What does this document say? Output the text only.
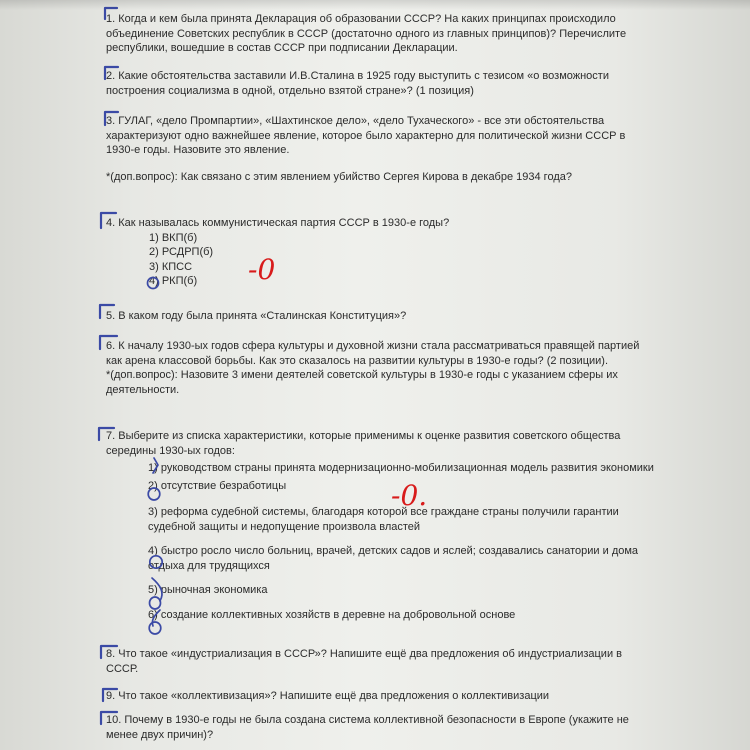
1. Когда и кем была принята Декларация об образовании СССР? На каких принципах происходило объединение Советских республик в СССР (достаточно одного из главных принципов)? Перечислите республики, вошедшие в состав СССР при подписании Декларации.

2. Какие обстоятельства заставили И.В.Сталина в 1925 году выступить с тезисом «о возможности построения социализма в одной, отдельно взятой стране»? (1 позиция)

3. ГУЛАГ, «дело Промпартии», «Шахтинское дело», «дело Тухаческого» - все эти обстоятельства характеризуют одно важнейшее явление, которое было характерно для политической жизни СССР в 1930-е годы. Назовите это явление.

*(доп.вопрос): Как связано с этим явлением убийство Сергея Кирова в декабре 1934 года?

4. Как называлась коммунистическая партия СССР в 1930-е годы?

1) ВКП(б)
2) РСДРП(б)
3) КПСС
4) РКП(б)

5. В каком году была принята «Сталинская Конституция»?

6. К началу 1930-ых годов сфера культуры и духовной жизни стала рассматриваться правящей партией как арена классовой борьбы. Как это сказалось на развитии культуры в 1930-е годы? (2 позиции).

*(доп.вопрос): Назовите 3 имени деятелей советской культуры в 1930-е годы с указанием сферы их деятельности.

7. Выберите из списка характеристики, которые применимы к оценке развития советского общества середины 1930-ых годов:

1) руководством страны принята модернизационно-мобилизационная модель развития экономики
2) отсутствие безработицы
3) реформа судебной системы, благодаря которой все граждане страны получили гарантии судебной защиты и недопущение произвола властей
4) быстро росло число больниц, врачей, детских садов и яслей; создавались санатории и дома отдыха для трудящихся
5) рыночная экономика
6) создание коллективных хозяйств в деревне на добровольной основе

8. Что такое «индустриализация в СССР»? Напишите ещё два предложения об индустриализации в СССР.

9. Что такое «коллективизация»? Напишите ещё два предложения о коллективизации

10. Почему в 1930-е годы не была создана система коллективной безопасности в Европе (укажите не менее двух причин)?

-0
-0.
